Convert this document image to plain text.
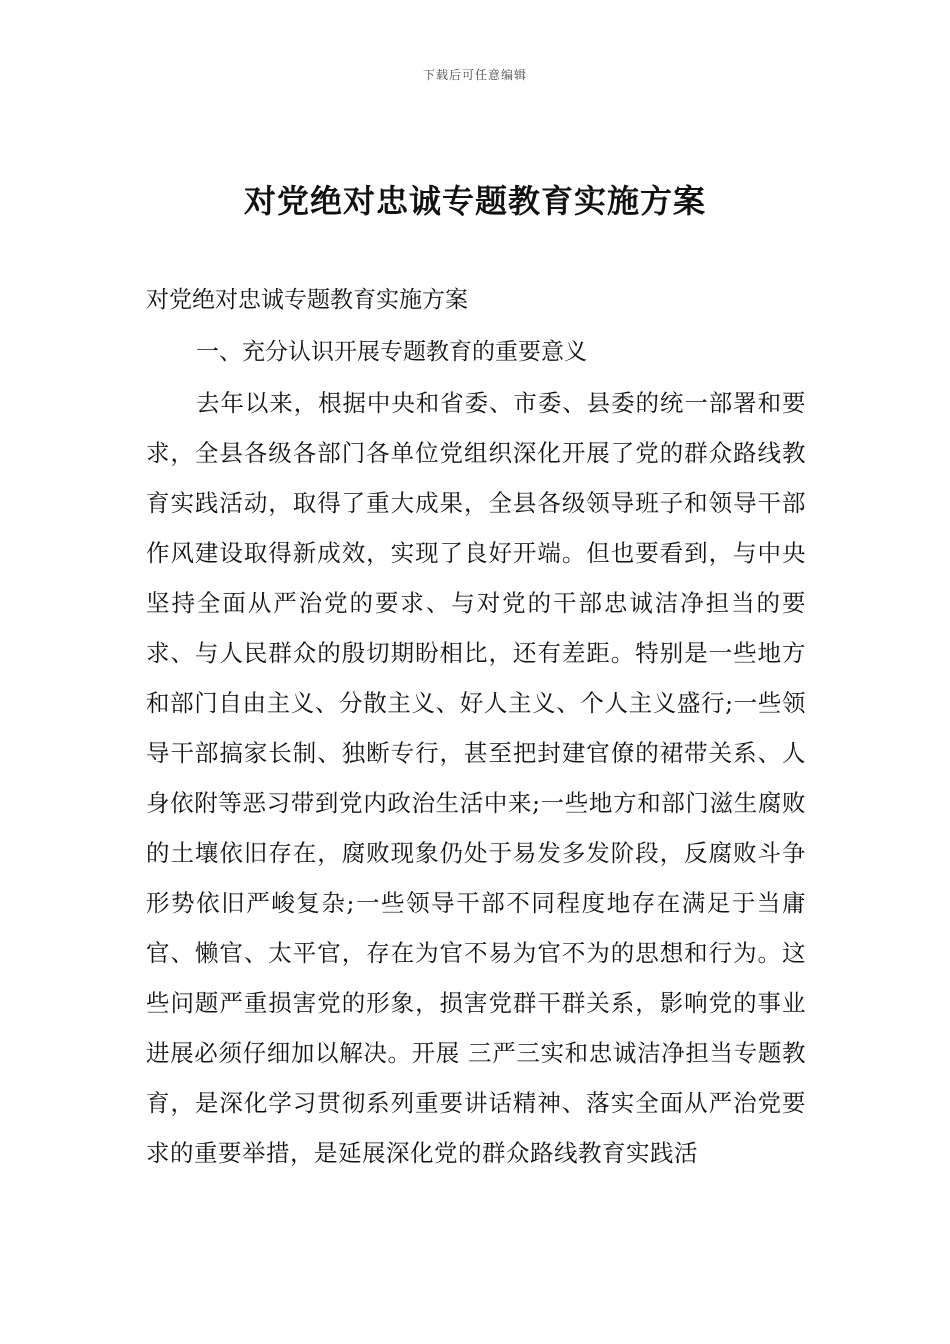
下载后可任意编辑
对党绝对忠诚专题教育实施方案

对党绝对忠诚专题教育实施方案

一、充分认识开展专题教育的重要意义

去年以来，根据中央和省委、市委、县委的统一部署和要求，全县各级各部门各单位党组织深化开展了党的群众路线教育实践活动，取得了重大成果，全县各级领导班子和领导干部作风建设取得新成效，实现了良好开端。但也要看到，与中央坚持全面从严治党的要求、与对党的干部忠诚洁净担当的要求、与人民群众的殷切期盼相比，还有差距。特别是一些地方和部门自由主义、分散主义、好人主义、个人主义盛行;一些领导干部搞家长制、独断专行，甚至把封建官僚的裙带关系、人身依附等恶习带到党内政治生活中来;一些地方和部门滋生腐败的土壤依旧存在，腐败现象仍处于易发多发阶段，反腐败斗争形势依旧严峻复杂;一些领导干部不同程度地存在满足于当庸官、懒官、太平官，存在为官不易为官不为的思想和行为。这些问题严重损害党的形象，损害党群干群关系，影响党的事业进展必须仔细加以解决。开展 三严三实和忠诚洁净担当专题教育，是深化学习贯彻系列重要讲话精神、落实全面从严治党要求的重要举措，是延展深化党的群众路线教育实践活
